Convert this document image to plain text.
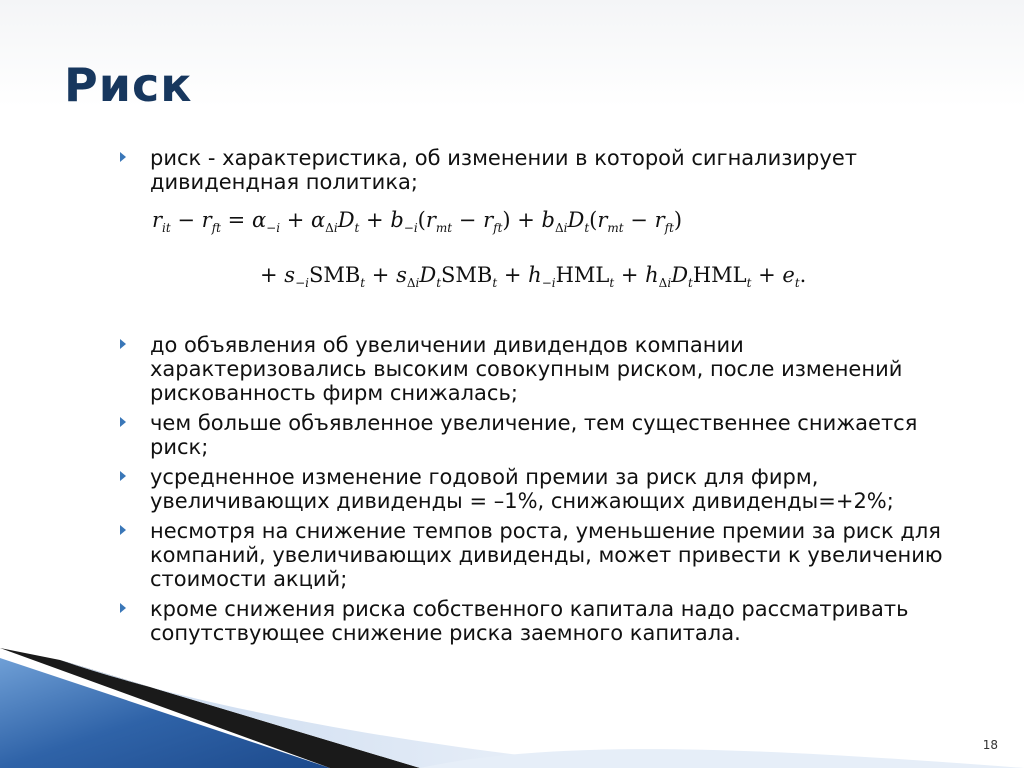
Риск
риск - характеристика, об изменении в которой сигнализирует дивидендная политика;
$r_{it} - r_{ft} = \alpha_{-i} + \alpha_{\Delta i}D_t + b_{-i}(r_{mt} - r_{ft}) + b_{\Delta i}D_t(r_{mt} - r_{ft})$
+ $s_{-i}SMB_t + s_{\Delta i}D_tSMB_t + h_{-i}HML_t + h_{\Delta i}D_tHML_t + e_t$.
до объявления об увеличении дивидендов компании характеризовались высоким совокупным риском, после изменений рискованность фирм снижалась;
чем больше объявленное увеличение, тем существеннее снижается риск;
усредненное изменение годовой премии за риск для фирм, увеличивающих дивиденды = –1%, снижающих дивиденды=+2%;
несмотря на снижение темпов роста, уменьшение премии за риск для компаний, увеличивающих дивиденды, может привести к увеличению стоимости акций;
кроме снижения риска собственного капитала надо рассматривать сопутствующее снижение риска заемного капитала.
18
